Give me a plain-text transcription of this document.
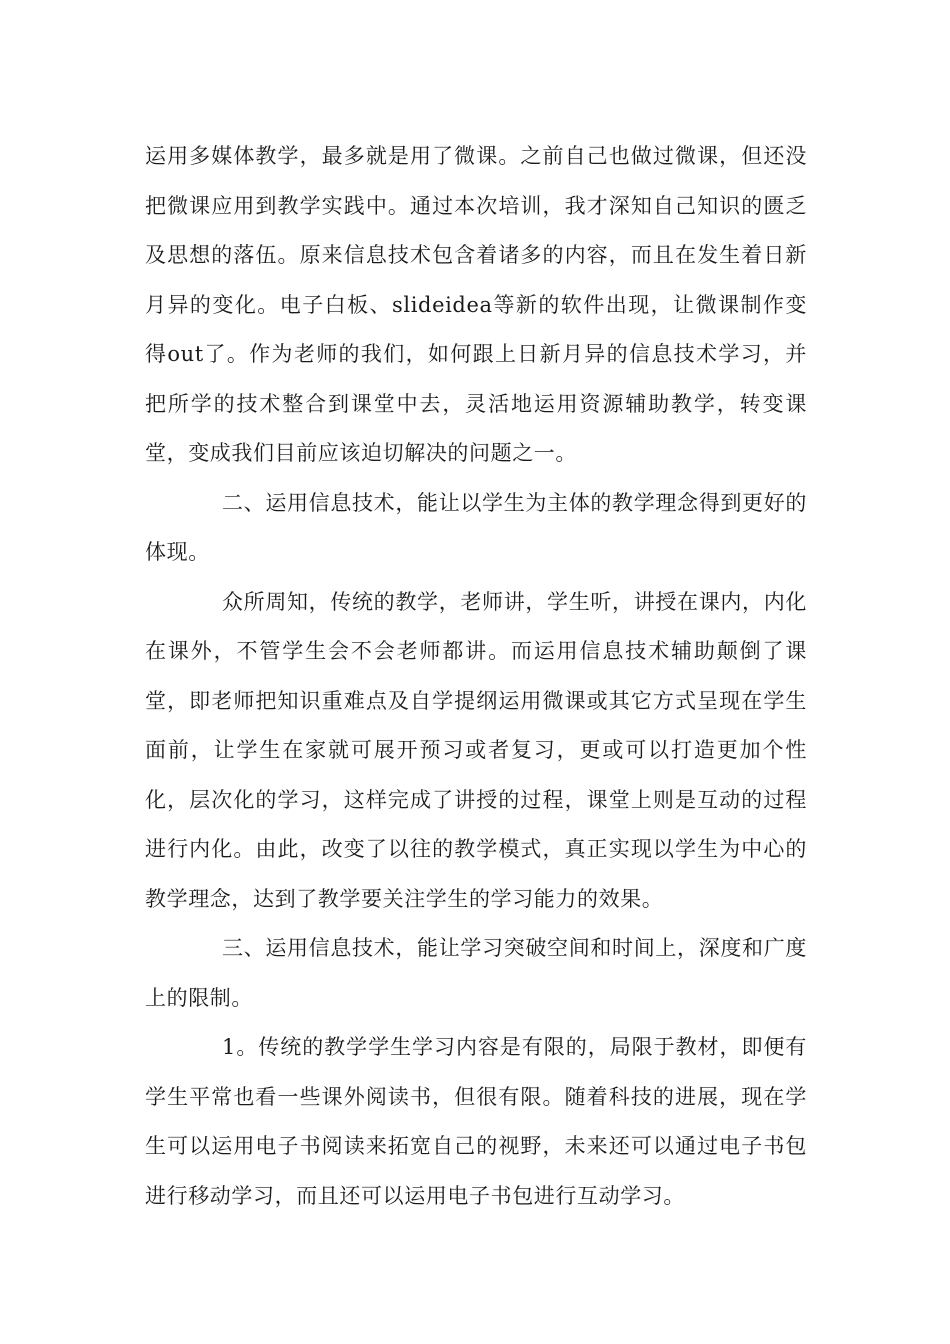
运用多媒体教学，最多就是用了微课。之前自己也做过微课，但还没把微课应用到教学实践中。通过本次培训，我才深知自己知识的匮乏及思想的落伍。原来信息技术包含着诸多的内容，而且在发生着日新月异的变化。电子白板、slideidea等新的软件出现，让微课制作变得out了。作为老师的我们，如何跟上日新月异的信息技术学习，并把所学的技术整合到课堂中去，灵活地运用资源辅助教学，转变课堂，变成我们目前应该迫切解决的问题之一。

二、运用信息技术，能让以学生为主体的教学理念得到更好的体现。

众所周知，传统的教学，老师讲，学生听，讲授在课内，内化在课外，不管学生会不会老师都讲。而运用信息技术辅助颠倒了课堂，即老师把知识重难点及自学提纲运用微课或其它方式呈现在学生面前，让学生在家就可展开预习或者复习，更或可以打造更加个性化，层次化的学习，这样完成了讲授的过程，课堂上则是互动的过程进行内化。由此，改变了以往的教学模式，真正实现以学生为中心的教学理念，达到了教学要关注学生的学习能力的效果。

三、运用信息技术，能让学习突破空间和时间上，深度和广度上的限制。

1。传统的教学学生学习内容是有限的，局限于教材，即便有学生平常也看一些课外阅读书，但很有限。随着科技的进展，现在学生可以运用电子书阅读来拓宽自己的视野，未来还可以通过电子书包进行移动学习，而且还可以运用电子书包进行互动学习。
